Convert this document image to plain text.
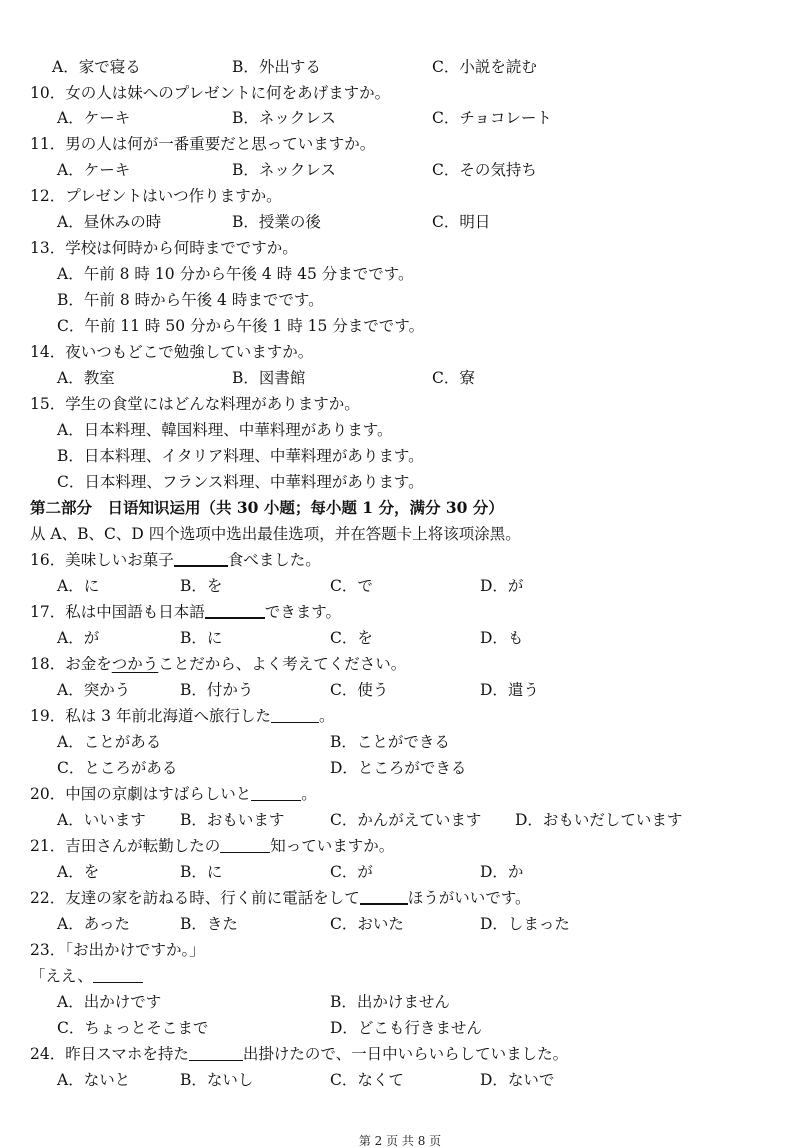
A．家で寝る	B．外出する	C．小説を読む
10．女の人は妹へのプレゼントに何をあげますか。
A．ケーキ	B．ネックレス	C．チョコレート
11．男の人は何が一番重要だと思っていますか。
A．ケーキ	B．ネックレス	C．その気持ち
12．プレゼントはいつ作りますか。
A．昼休みの時	B．授業の後	C．明日
13．学校は何時から何時までですか。
A．午前 8 時 10 分から午後 4 時 45 分までです。
B．午前 8 時から午後 4 時までです。
C．午前 11 時 50 分から午後 1 時 15 分までです。
14．夜いつもどこで勉強していますか。
A．教室	B．図書館	C．寮
15．学生の食堂にはどんな料理がありますか。
A．日本料理、韓国料理、中華料理があります。
B．日本料理、イタリア料理、中華料理があります。
C．日本料理、フランス料理、中華料理があります。
第二部分　日语知识运用（共 30 小题；每小题 1 分，满分 30 分）
从 A、B、C、D 四个选项中选出最佳选项，并在答题卡上将该项涂黑。
16．美味しいお菓子	食べました。
A．に	B．を	C．で	D．が
17．私は中国語も日本語	できます。
A．が	B．に	C．を	D．も
18．お金をつかうことだから、よく考えてください。
A．突かう	B．付かう	C．使う	D．遣う
19．私は 3 年前北海道へ旅行した	。
A．ことがある	B．ことができる
C．ところがある	D．ところができる
20．中国の京劇はすばらしいと	。
A．いいます B．おもいます	C．かんがえています D．おもいだしています
21．吉田さんが転勤したの	知っていますか。
A．を	B．に	C．が	D．か
22．友達の家を訪ねる時、行く前に電話をして	ほうがいいです。
A．あった	B．きた	C．おいた	D．しまった
23．「お出かけですか。」
「ええ、
A．出かけです	B．出かけません
C．ちょっとそこまで	D．どこも行きません
24．昨日スマホを持た	出掛けたので、一日中いらいらしていました。
A．ないと	B．ないし	C．なくて	D．ないで
第 2 页 共 8 页
